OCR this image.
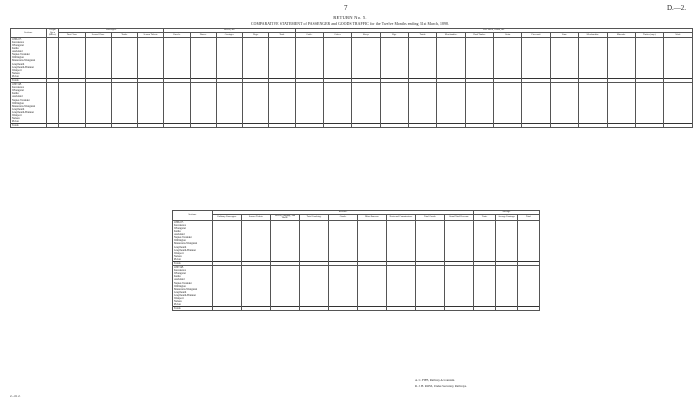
7	D.—2.
RETURN No. 5.
COMPARATIVE STATEMENT of PASSENGER and GOODS TRAFFIC for the Twelve Months ending 31st March, 1898.
Sections.	Length Open (Miles).	Passengers.				Parcels, &c.					Live Stock, Goods, &c.													
		First Class.	Second Class.	Totals.	Season Tickets.	Parcels.	Horses.	Carriages.	Dogs.	Total.	Cattle.	Calves.	Sheep.	Pigs.	Totals.	Merchandise.	Hard Timber.	Grain.	Firewood.	Lime.	Merchandise.	Minerals.	Timber (sup.).	Wool.
1896-97.																								
Kawakawa																								
Whangarei																								
Kaihu																								
Auckland																								
Napier-Taranaki																								
Wellington																								
Manawatu-Wanganui																								
Greymouth																								
Greymouth-Brunner																								
Westport																								
Nelson																								
Picton																								
Totals																								
1897-98.																								
Kawakawa																								
Whangarei																								
Kaihu																								
Auckland																								
Napier-Taranaki																								
Wellington																								
Manawatu-Wanganui																								
Greymouth																								
Greymouth-Brunner																								
Westport																								
Nelson																								
Picton																								
Totals																								
Sections.	Revenue.									Mileage.		
	Ordinary Passengers.	Season Tickets.	Parcels, Luggage, and Mails.	Total Coaching.	Goods.	Miscellaneous.	Rents and Commissions.	Total Goods.	Grand Total Revenue.	Train.	Average Earnings.	Total.
1896-97.												
Kawakawa												
Whangarei												
Kaihu												
Auckland												
Napier-Taranaki												
Wellington												
Manawatu-Wanganui												
Greymouth												
Greymouth-Brunner												
Westport												
Nelson												
Picton												
Totals												
1897-98.												
Kawakawa												
Whangarei												
Kaihu												
Auckland												
Napier-Taranaki												
Wellington												
Manawatu-Wanganui												
Greymouth												
Greymouth-Brunner												
Westport												
Nelson												
Picton												
Totals												
A. C. FIFE, Railway Accountant.
R. J. H. ROSS, Under-Secretary, Railways.
2—D. 2.
